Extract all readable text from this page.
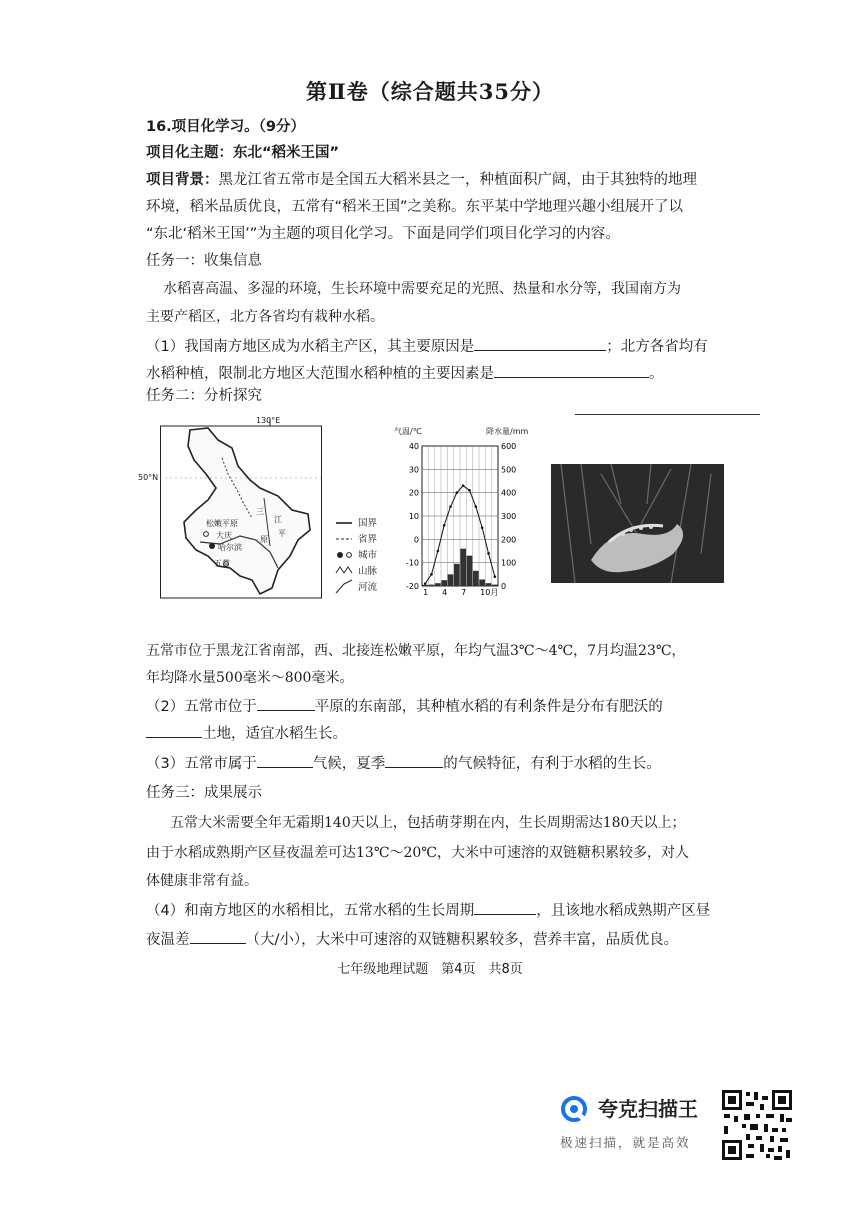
第Ⅱ卷（综合题共35分）
16.项目化学习。（9分）
项目化主题：东北“稻米王国”
项目背景：黑龙江省五常市是全国五大稻米县之一，种植面积广阔，由于其独特的地理
环境，稻米品质优良，五常有“稻米王国”之美称。东平某中学地理兴趣小组展开了以
“东北‘稻米王国’”为主题的项目化学习。下面是同学们项目化学习的内容。
任务一：收集信息
水稻喜高温、多湿的环境，生长环境中需要充足的光照、热量和水分等，我国南方为
主要产稻区，北方各省均有栽种水稻。
（1）我国南方地区成为水稻主产区，其主要原因是	；北方各省均有
水稻种植，限制北方地区大范围水稻种植的主要因素是	。
任务二：分析探究
130°E
50°N
松嫩平原
大庆
哈尔滨
五常
三
江
平
原
国界
省界
城市
山脉
河流
气温/℃	降水量/mm
40
30
20
10
0
-10
-20
600
500
400
300
200
100
0
1 4 7 10月
五常市位于黑龙江省南部，西、北接连松嫩平原，年均气温3℃～4℃，7月均温23℃，
年均降水量500毫米～800毫米。
（2）五常市位于	平原的东南部，其种植水稻的有利条件是分布有肥沃的
土地，适宜水稻生长。
（3）五常市属于	气候，夏季	的气候特征，有利于水稻的生长。
任务三：成果展示
五常大米需要全年无霜期140天以上，包括萌芽期在内，生长周期需达180天以上；
由于水稻成熟期产区昼夜温差可达13℃～20℃，大米中可速溶的双链糖积累较多，对人
体健康非常有益。
（4）和南方地区的水稻相比，五常水稻的生长周期	，且该地水稻成熟期产区昼
夜温差	（大/小），大米中可速溶的双链糖积累较多，营养丰富，品质优良。
七年级地理试题　第4页　共8页
夸克扫描王
极速扫描，就是高效
